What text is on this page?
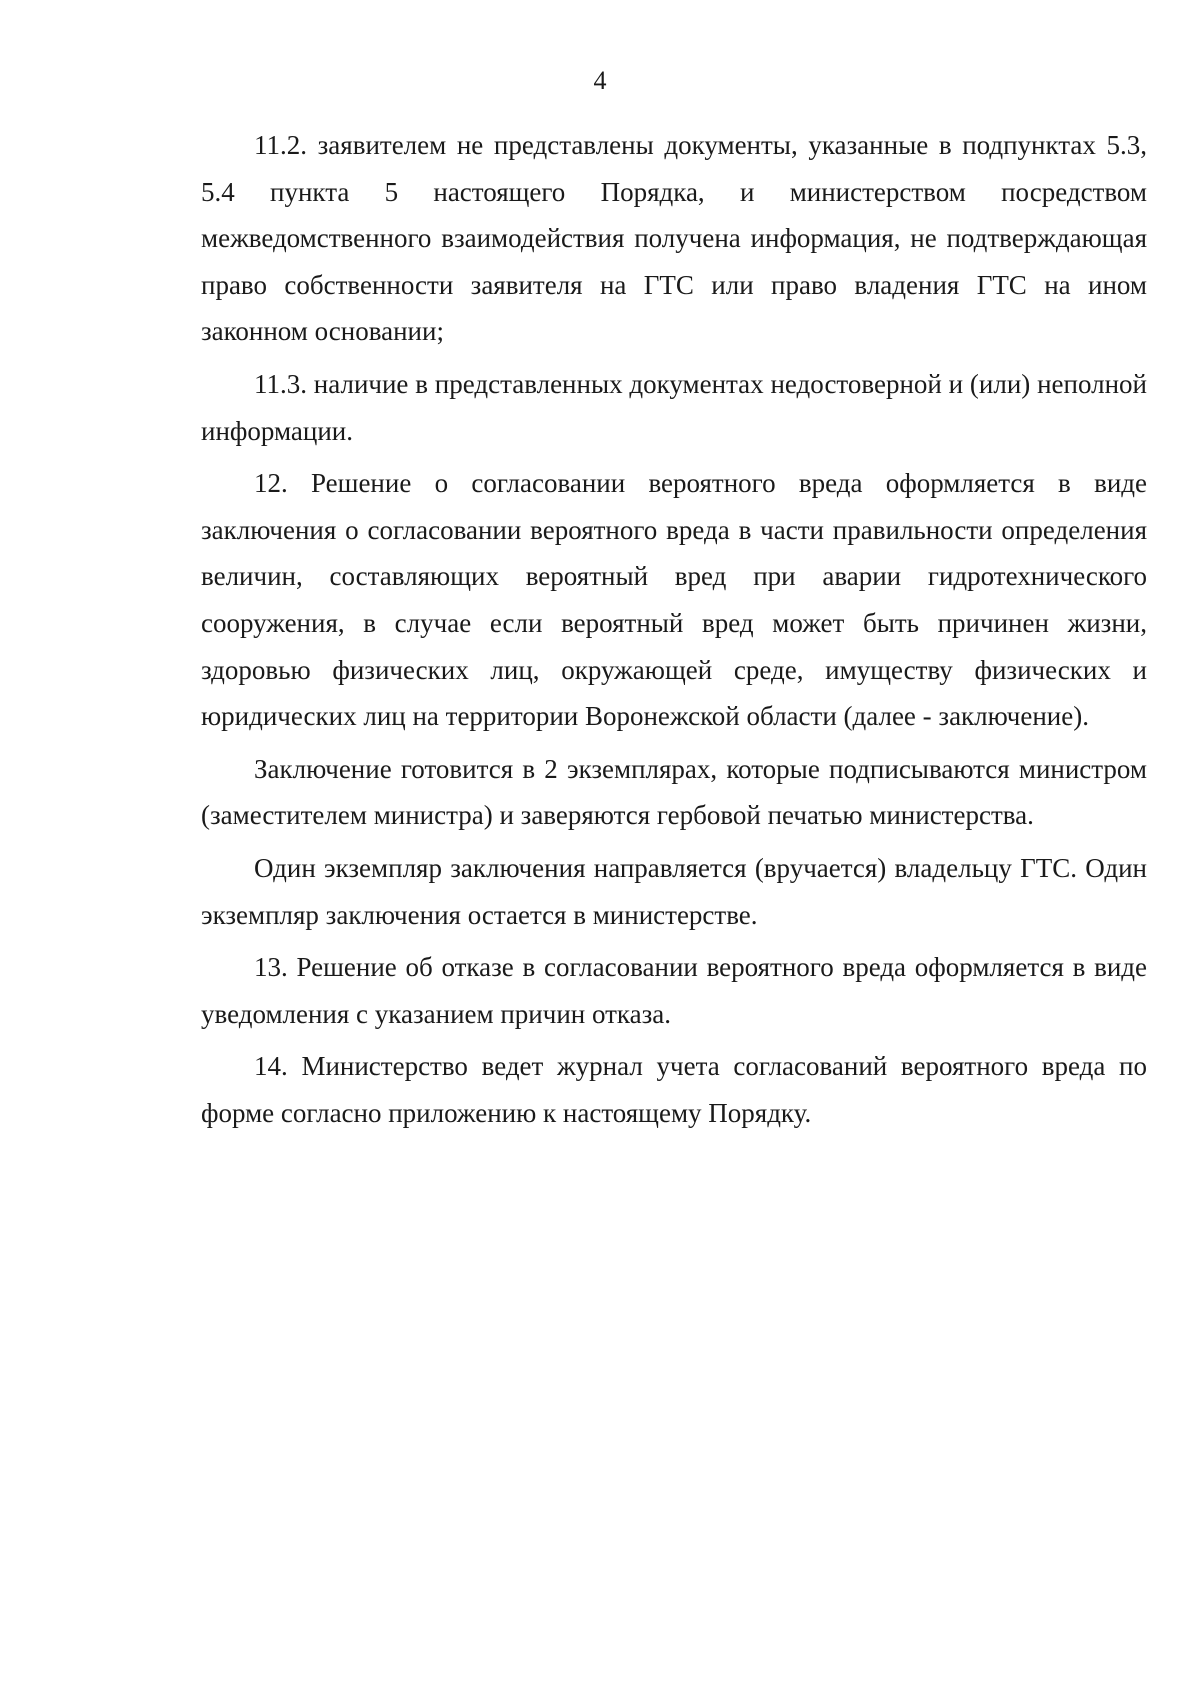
4

11.2. заявителем не представлены документы, указанные в подпунктах 5.3, 5.4 пункта 5 настоящего Порядка, и министерством посредством межведомственного взаимодействия получена информация, не подтверждающая право собственности заявителя на ГТС или право владения ГТС на ином законном основании;

11.3. наличие в представленных документах недостоверной и (или) неполной информации.

12. Решение о согласовании вероятного вреда оформляется в виде заключения о согласовании вероятного вреда в части правильности определения величин, составляющих вероятный вред при аварии гидротехнического сооружения, в случае если вероятный вред может быть причинен жизни, здоровью физических лиц, окружающей среде, имуществу физических и юридических лиц на территории Воронежской области (далее - заключение).

Заключение готовится в 2 экземплярах, которые подписываются министром (заместителем министра) и заверяются гербовой печатью министерства.

Один экземпляр заключения направляется (вручается) владельцу ГТС. Один экземпляр заключения остается в министерстве.

13. Решение об отказе в согласовании вероятного вреда оформляется в виде уведомления с указанием причин отказа.

14. Министерство ведет журнал учета согласований вероятного вреда по форме согласно приложению к настоящему Порядку.
